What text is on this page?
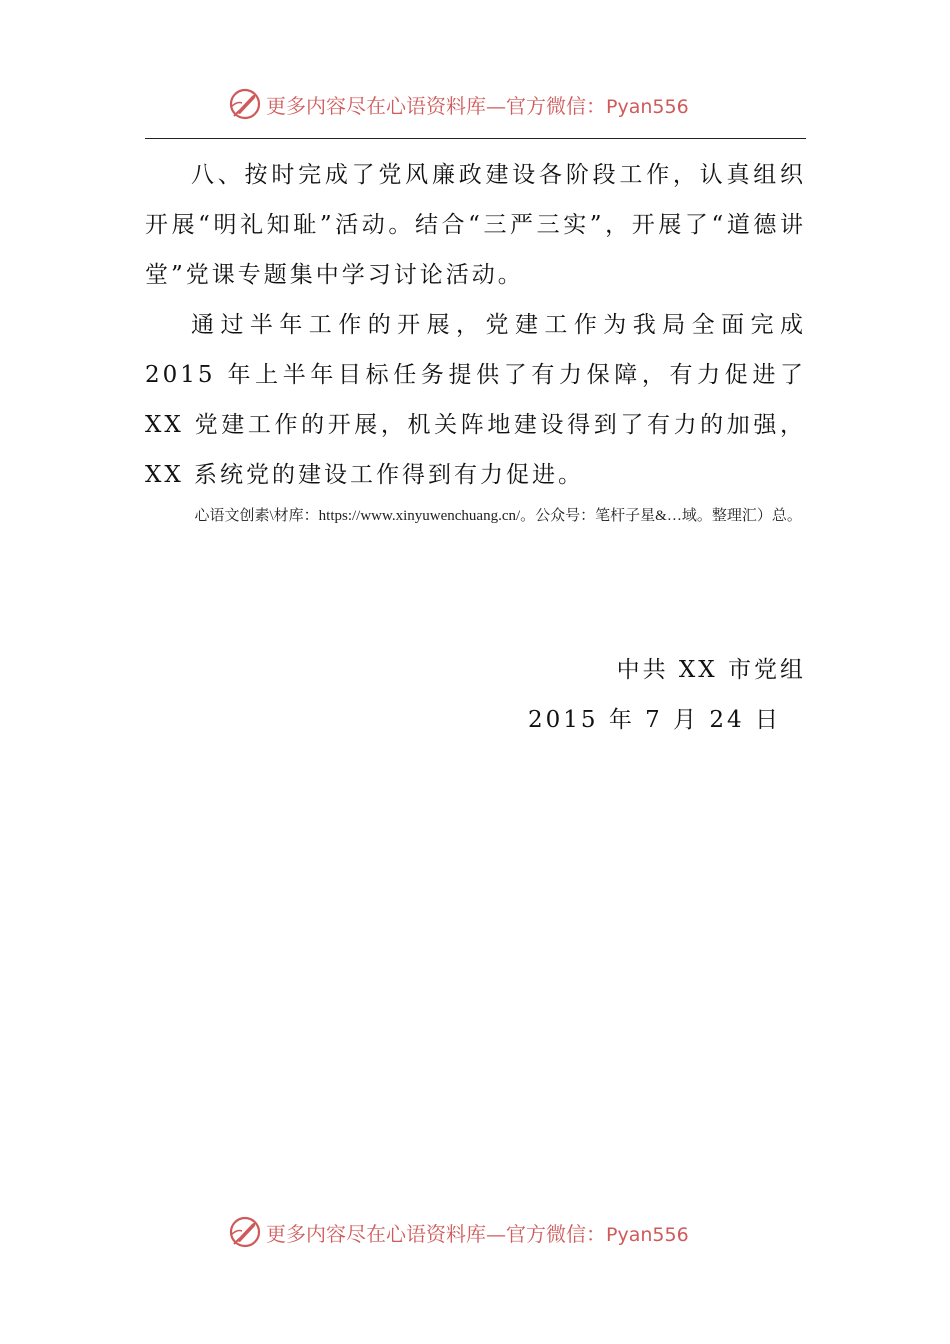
更多内容尽在心语资料库—官方微信：Pyan556

八、按时完成了党风廉政建设各阶段工作，认真组织开展“明礼知耻”活动。结合“三严三实”，开展了“道德讲堂”党课专题集中学习讨论活动。

通过半年工作的开展，党建工作为我局全面完成 2015 年上半年目标任务提供了有力保障，有力促进了 XX 党建工作的开展，机关阵地建设得到了有力的加强，XX 系统党的建设工作得到有力促进。

心语文创素\材库：https://www.xinyuwenchuang.cn/。公众号：笔杆子星&…域。整理汇）总。

中共 XX 市党组
2015 年 7 月 24 日
更多内容尽在心语资料库—官方微信：Pyan556
